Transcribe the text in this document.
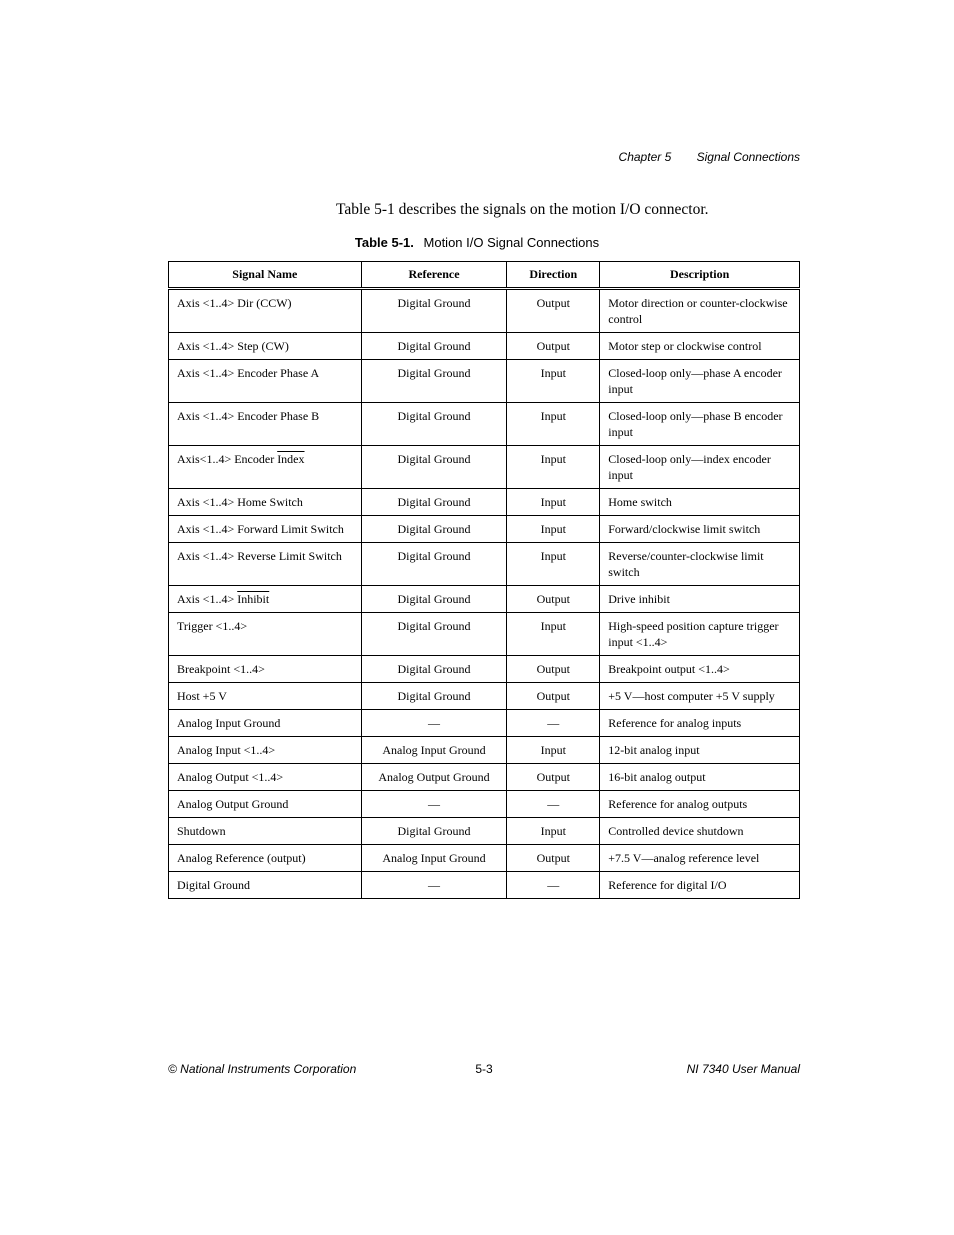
Chapter 5 Signal Connections
Table 5-1 describes the signals on the motion I/O connector.
Table 5-1. Motion I/O Signal Connections
Signal Name	Reference	Direction	Description
Axis <1..4> Dir (CCW)	Digital Ground	Output	Motor direction or counter-clockwise control
Axis <1..4> Step (CW)	Digital Ground	Output	Motor step or clockwise control
Axis <1..4> Encoder Phase A	Digital Ground	Input	Closed-loop only—phase A encoder input
Axis <1..4> Encoder Phase B	Digital Ground	Input	Closed-loop only—phase B encoder input
Axis<1..4> Encoder Index	Digital Ground	Input	Closed-loop only—index encoder input
Axis <1..4> Home Switch	Digital Ground	Input	Home switch
Axis <1..4> Forward Limit Switch	Digital Ground	Input	Forward/clockwise limit switch
Axis <1..4> Reverse Limit Switch	Digital Ground	Input	Reverse/counter-clockwise limit switch
Axis <1..4> Inhibit	Digital Ground	Output	Drive inhibit
Trigger <1..4>	Digital Ground	Input	High-speed position capture trigger input <1..4>
Breakpoint <1..4>	Digital Ground	Output	Breakpoint output <1..4>
Host +5 V	Digital Ground	Output	+5 V—host computer +5 V supply
Analog Input Ground	—	—	Reference for analog inputs
Analog Input <1..4>	Analog Input Ground	Input	12-bit analog input
Analog Output <1..4>	Analog Output Ground	Output	16-bit analog output
Analog Output Ground	—	—	Reference for analog outputs
Shutdown	Digital Ground	Input	Controlled device shutdown
Analog Reference (output)	Analog Input Ground	Output	+7.5 V—analog reference level
Digital Ground	—	—	Reference for digital I/O
© National Instruments Corporation	5-3	NI 7340 User Manual
